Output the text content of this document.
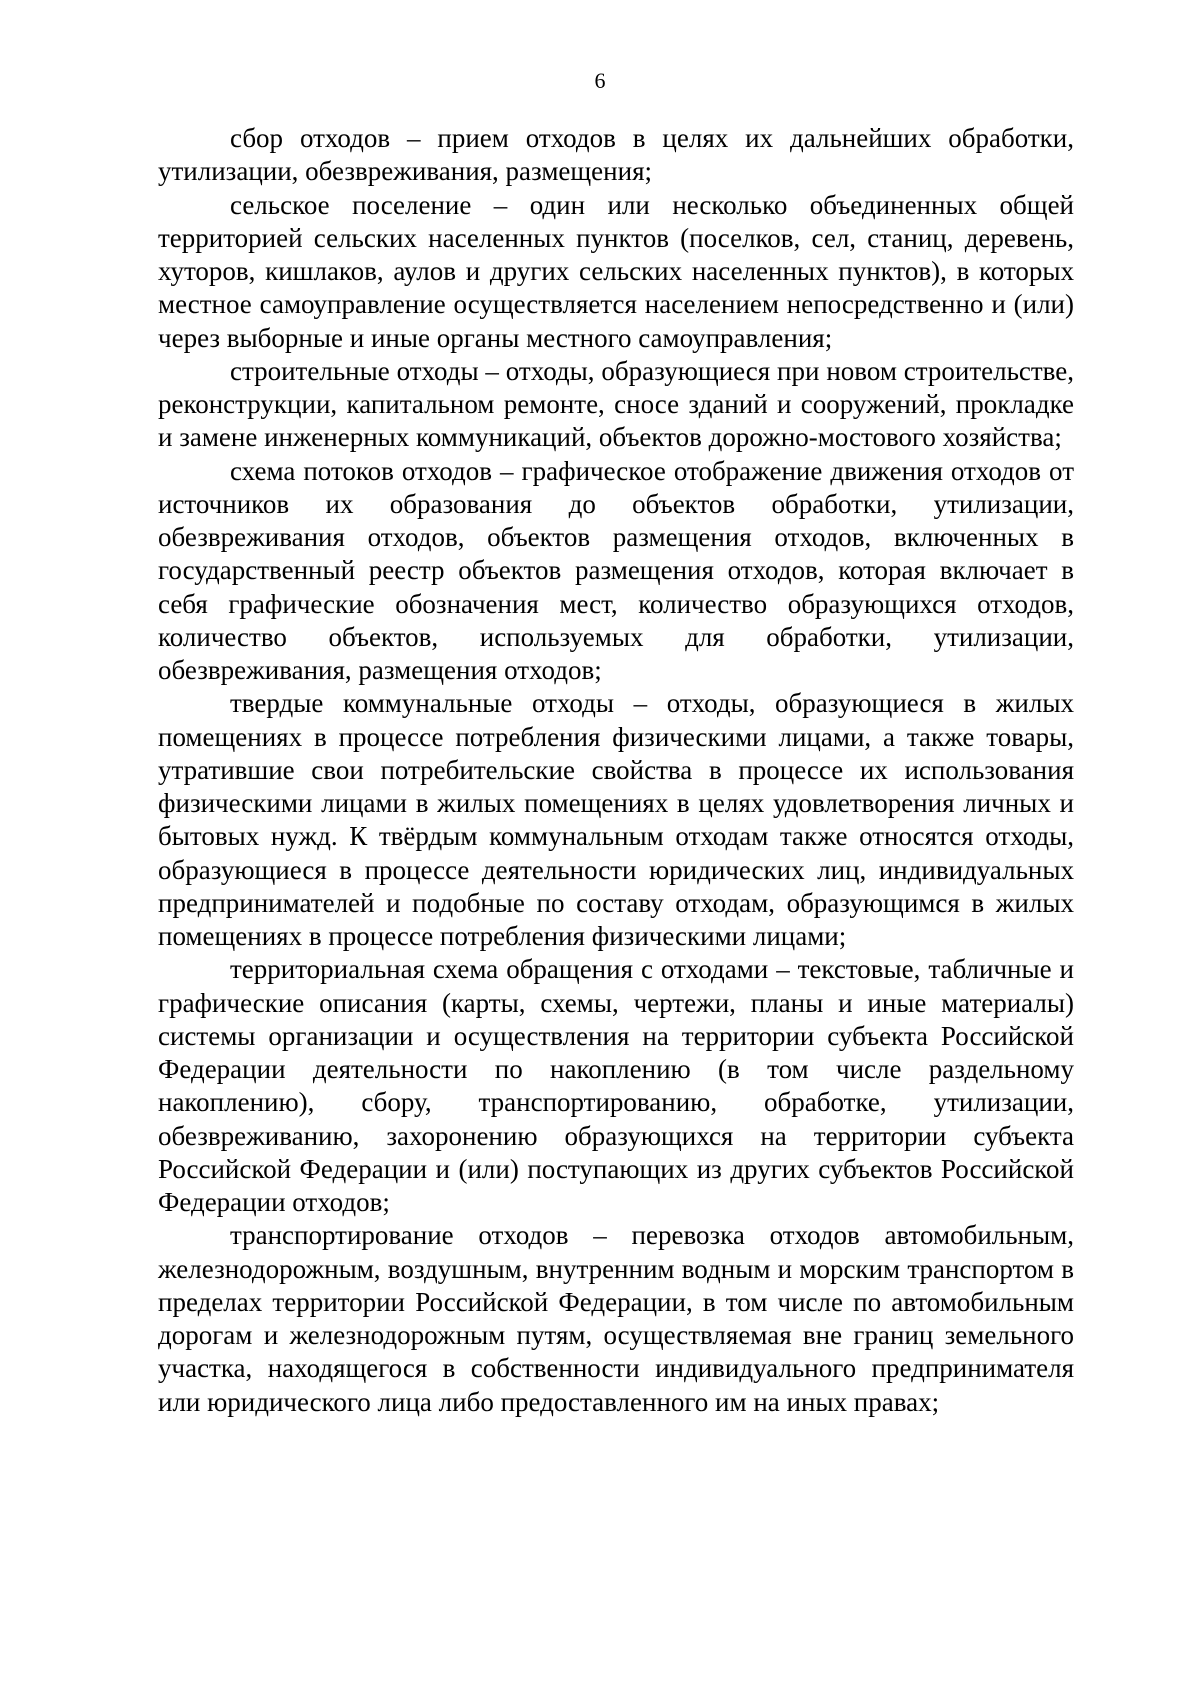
6

сбор отходов – прием отходов в целях их дальнейших обработки, утилизации, обезвреживания, размещения;

сельское поселение – один или несколько объединенных общей территорией сельских населенных пунктов (поселков, сел, станиц, деревень, хуторов, кишлаков, аулов и других сельских населенных пунктов), в которых местное самоуправление осуществляется населением непосредственно и (или) через выборные и иные органы местного самоуправления;

строительные отходы – отходы, образующиеся при новом строительстве, реконструкции, капитальном ремонте, сносе зданий и сооружений, прокладке и замене инженерных коммуникаций, объектов дорожно-мостового хозяйства;

схема потоков отходов – графическое отображение движения отходов от источников их образования до объектов обработки, утилизации, обезвреживания отходов, объектов размещения отходов, включенных в государственный реестр объектов размещения отходов, которая включает в себя графические обозначения мест, количество образующихся отходов, количество объектов, используемых для обработки, утилизации, обезвреживания, размещения отходов;

твердые коммунальные отходы – отходы, образующиеся в жилых помещениях в процессе потребления физическими лицами, а также товары, утратившие свои потребительские свойства в процессе их использования физическими лицами в жилых помещениях в целях удовлетворения личных и бытовых нужд. К твёрдым коммунальным отходам также относятся отходы, образующиеся в процессе деятельности юридических лиц, индивидуальных предпринимателей и подобные по составу отходам, образующимся в жилых помещениях в процессе потребления физическими лицами;

территориальная схема обращения с отходами – текстовые, табличные и графические описания (карты, схемы, чертежи, планы и иные материалы) системы организации и осуществления на территории субъекта Российской Федерации деятельности по накоплению (в том числе раздельному накоплению), сбору, транспортированию, обработке, утилизации, обезвреживанию, захоронению образующихся на территории субъекта Российской Федерации и (или) поступающих из других субъектов Российской Федерации отходов;

транспортирование отходов – перевозка отходов автомобильным, железнодорожным, воздушным, внутренним водным и морским транспортом в пределах территории Российской Федерации, в том числе по автомобильным дорогам и железнодорожным путям, осуществляемая вне границ земельного участка, находящегося в собственности индивидуального предпринимателя или юридического лица либо предоставленного им на иных правах;
